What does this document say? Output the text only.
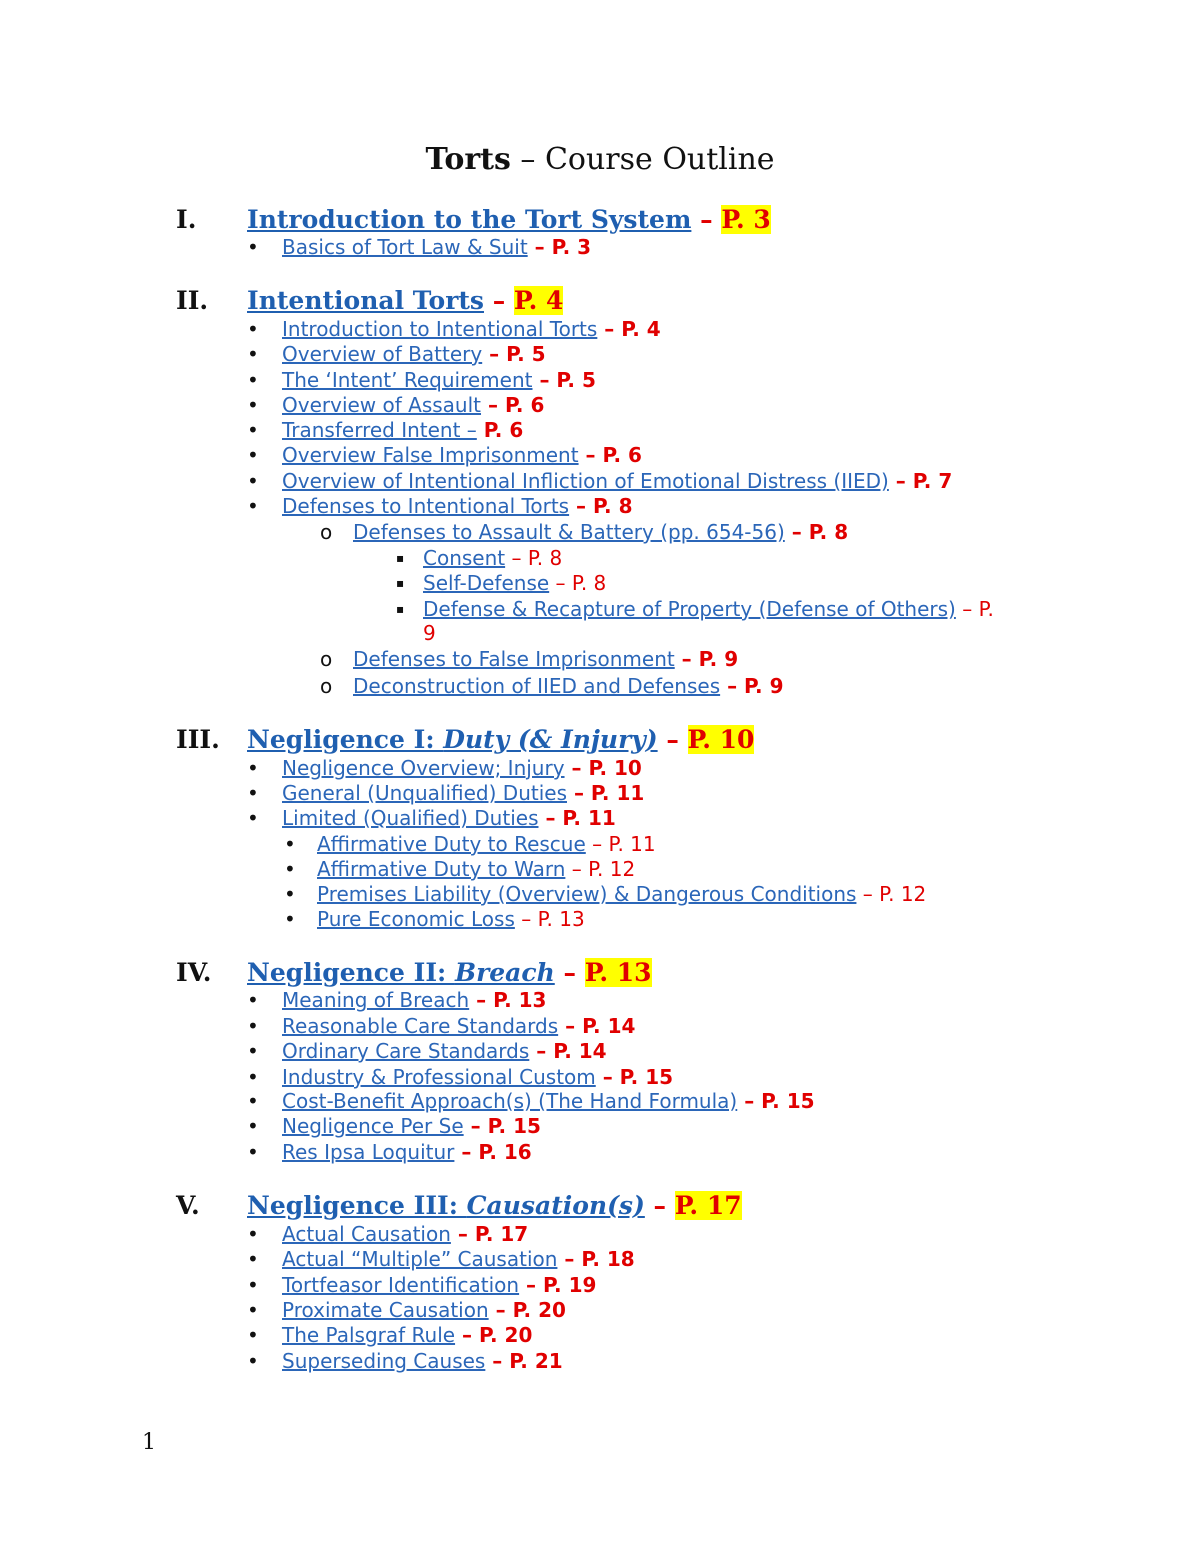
Torts – Course Outline
I. Introduction to the Tort System – P. 3
• Basics of Tort Law & Suit – P. 3
II. Intentional Torts – P. 4
• Introduction to Intentional Torts – P. 4
• Overview of Battery – P. 5
• The ‘Intent’ Requirement – P. 5
• Overview of Assault – P. 6
• Transferred Intent – P. 6
• Overview False Imprisonment – P. 6
• Overview of Intentional Infliction of Emotional Distress (IIED) – P. 7
• Defenses to Intentional Torts – P. 8
o Defenses to Assault & Battery (pp. 654-56) – P. 8
▪ Consent – P. 8
▪ Self-Defense – P. 8
▪ Defense & Recapture of Property (Defense of Others) – P.
9
o Defenses to False Imprisonment – P. 9
o Deconstruction of IIED and Defenses – P. 9
III. Negligence I: Duty (& Injury) – P. 10
• Negligence Overview; Injury – P. 10
• General (Unqualified) Duties – P. 11
• Limited (Qualified) Duties – P. 11
• Affirmative Duty to Rescue – P. 11
• Affirmative Duty to Warn – P. 12
• Premises Liability (Overview) & Dangerous Conditions – P. 12
• Pure Economic Loss – P. 13
IV. Negligence II: Breach – P. 13
• Meaning of Breach – P. 13
• Reasonable Care Standards – P. 14
• Ordinary Care Standards – P. 14
• Industry & Professional Custom – P. 15
• Cost-Benefit Approach(s) (The Hand Formula) – P. 15
• Negligence Per Se – P. 15
• Res Ipsa Loquitur – P. 16
V. Negligence III: Causation(s) – P. 17
• Actual Causation – P. 17
• Actual “Multiple” Causation – P. 18
• Tortfeasor Identification – P. 19
• Proximate Causation – P. 20
• The Palsgraf Rule – P. 20
• Superseding Causes – P. 21
1
